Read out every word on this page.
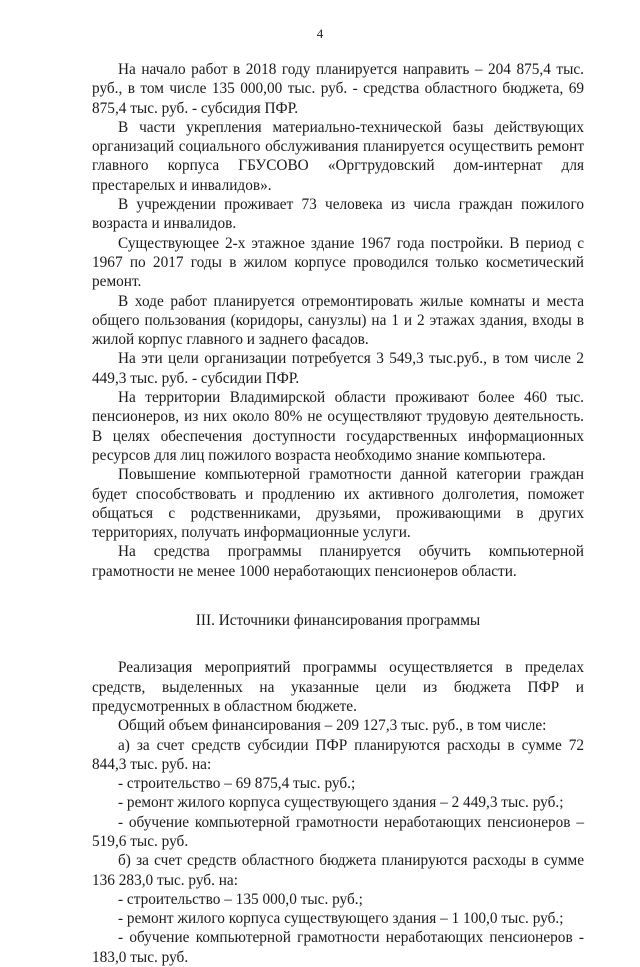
4

На начало работ в 2018 году планируется направить – 204 875,4 тыс. руб., в том числе 135 000,00 тыс. руб. - средства областного бюджета, 69 875,4 тыс. руб. - субсидия ПФР.

В части укрепления материально-технической базы действующих организаций социального обслуживания планируется осуществить ремонт главного корпуса ГБУСОВО «Оргтрудовский дом-интернат для престарелых и инвалидов».

В учреждении проживает 73 человека из числа граждан пожилого возраста и инвалидов.

Существующее 2-х этажное здание 1967 года постройки. В период с 1967 по 2017 годы в жилом корпусе проводился только косметический ремонт.

В ходе работ планируется отремонтировать жилые комнаты и места общего пользования (коридоры, санузлы) на 1 и 2 этажах здания, входы в жилой корпус главного и заднего фасадов.

На эти цели организации потребуется 3 549,3 тыс.руб., в том числе 2 449,3 тыс. руб. - субсидии ПФР.

На территории Владимирской области проживают более 460 тыс. пенсионеров, из них около 80% не осуществляют трудовую деятельность. В целях обеспечения доступности государственных информационных ресурсов для лиц пожилого возраста необходимо знание компьютера.

Повышение компьютерной грамотности данной категории граждан будет способствовать и продлению их активного долголетия, поможет общаться с родственниками, друзьями, проживающими в других территориях, получать информационные услуги.

На средства программы планируется обучить компьютерной грамотности не менее 1000 неработающих пенсионеров области.

III. Источники финансирования программы

Реализация мероприятий программы осуществляется в пределах средств, выделенных на указанные цели из бюджета ПФР и предусмотренных в областном бюджете.

Общий объем финансирования – 209 127,3 тыс. руб., в том числе:

а) за счет средств субсидии ПФР планируются расходы в сумме 72 844,3 тыс. руб. на:

- строительство – 69 875,4 тыс. руб.;

- ремонт жилого корпуса существующего здания – 2 449,3 тыс. руб.;

- обучение компьютерной грамотности неработающих пенсионеров – 519,6 тыс. руб.

б) за счет средств областного бюджета планируются расходы в сумме 136 283,0 тыс. руб. на:

- строительство – 135 000,0 тыс. руб.;

- ремонт жилого корпуса существующего здания – 1 100,0 тыс. руб.;

- обучение компьютерной грамотности неработающих пенсионеров - 183,0 тыс. руб.
